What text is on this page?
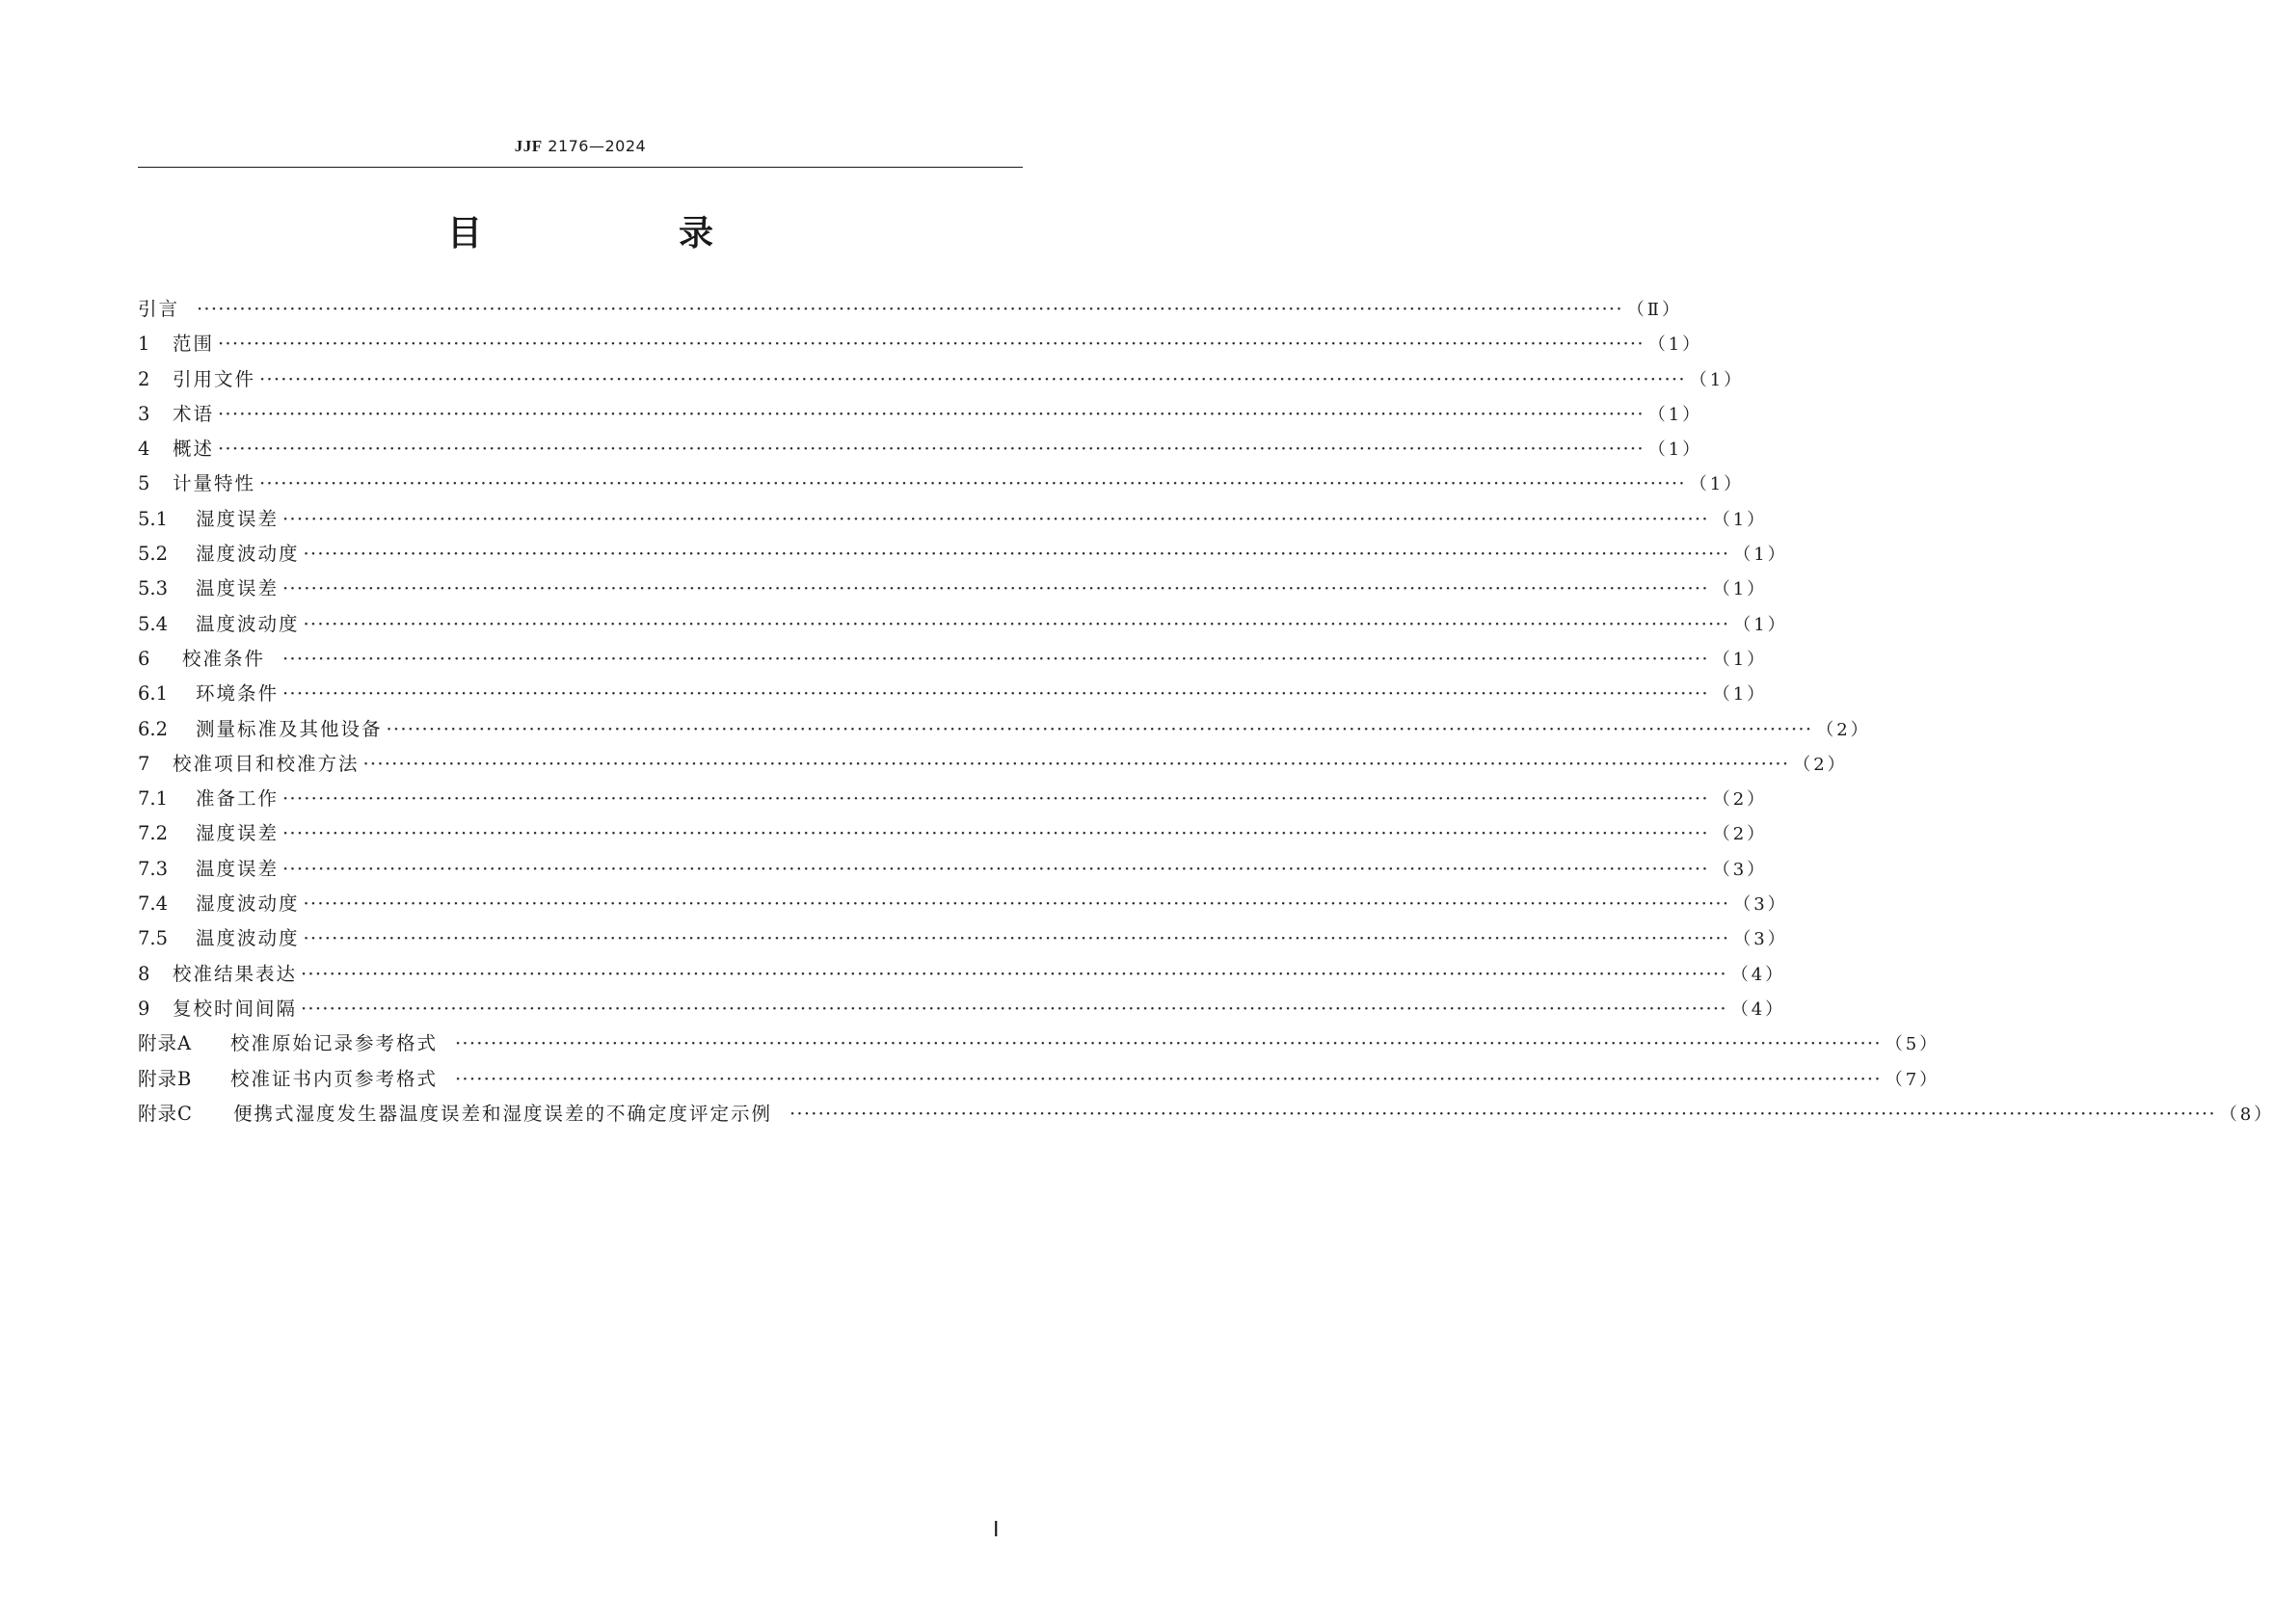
JJF 2176—2024
目　录
引言 ········································································································································································································ （Ⅱ）
1	范围 ········································································································································································································ （1）
2	引用文件 ········································································································································································································ （1）
3	术语 ········································································································································································································ （1）
4	概述 ········································································································································································································ （1）
5	计量特性 ········································································································································································································ （1）
5.1	湿度误差 ········································································································································································································ （1）
5.2	湿度波动度 ········································································································································································································ （1）
5.3	温度误差 ········································································································································································································ （1）
5.4	温度波动度 ········································································································································································································ （1）
6	校准条件 ········································································································································································································ （1）
6.1	环境条件 ········································································································································································································ （1）
6.2	测量标准及其他设备 ········································································································································································································ （2）
7	校准项目和校准方法 ········································································································································································································ （2）
7.1	准备工作 ········································································································································································································ （2）
7.2	湿度误差 ········································································································································································································ （2）
7.3	温度误差 ········································································································································································································ （3）
7.4	湿度波动度 ········································································································································································································ （3）
7.5	温度波动度 ········································································································································································································ （3）
8	校准结果表达 ········································································································································································································ （4）
9	复校时间间隔 ········································································································································································································ （4）
附录A	校准原始记录参考格式 ········································································································································································································ （5）
附录B	校准证书内页参考格式 ········································································································································································································ （7）
附录C	便携式湿度发生器温度误差和湿度误差的不确定度评定示例 ········································································································································································································ （8）
Ⅰ
